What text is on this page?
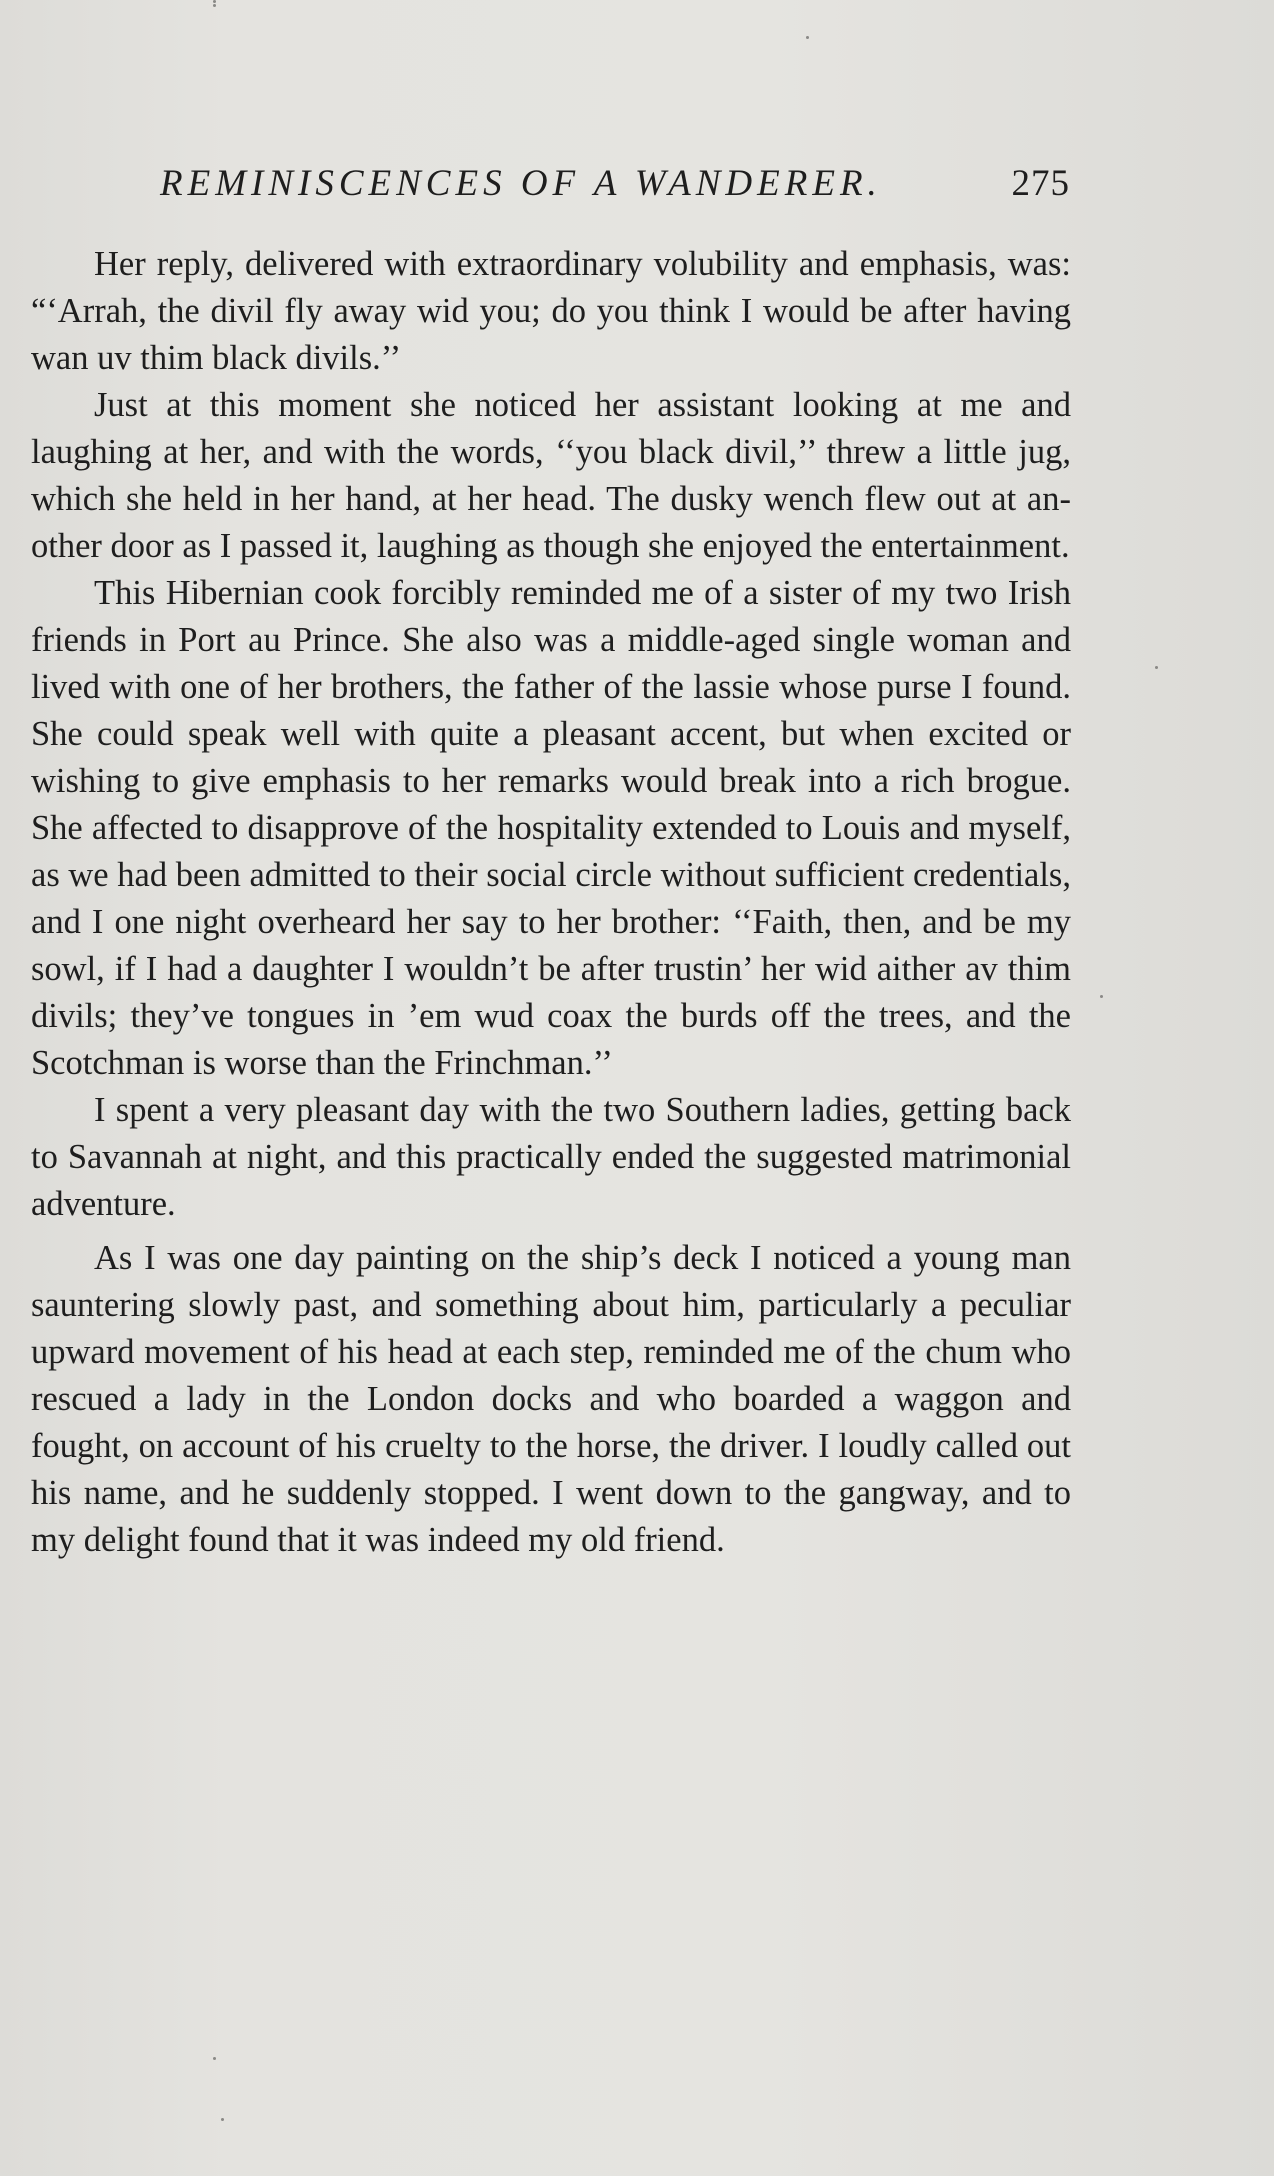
REMINISCENCES OF A WANDERER.	275

Her reply, delivered with extraordinary volubility and emphasis, was: “‘Arrah, the divil fly away wid you; do you think I would be after having wan uv thim black divils.’’

Just at this moment she noticed her assistant looking at me and laughing at her, and with the words, ‘‘you black divil,’’ threw a little jug, which she held in her hand, at her head. The dusky wench flew out at another door as I passed it, laughing as though she enjoyed the entertainment.

This Hibernian cook forcibly reminded me of a sister of my two Irish friends in Port au Prince. She also was a middle-aged single woman and lived with one of her brothers, the father of the lassie whose purse I found. She could speak well with quite a pleasant accent, but when excited or wishing to give emphasis to her remarks would break into a rich brogue. She affected to disapprove of the hospitality extended to Louis and myself, as we had been admitted to their social circle without sufficient credentials, and I one night overheard her say to her brother: ‘‘Faith, then, and be my sowl, if I had a daughter I wouldn’t be after trustin’ her wid aither av thim divils; they’ve tongues in ’em wud coax the burds off the trees, and the Scotchman is worse than the Frinchman.’’

I spent a very pleasant day with the two Southern ladies, getting back to Savannah at night, and this practically ended the suggested matrimonial adventure.

As I was one day painting on the ship’s deck I noticed a young man sauntering slowly past, and something about him, particularly a peculiar upward movement of his head at each step, reminded me of the chum who rescued a lady in the London docks and who boarded a waggon and fought, on account of his cruelty to the horse, the driver. I loudly called out his name, and he suddenly stopped. I went down to the gangway, and to my delight found that it was indeed my old friend.
